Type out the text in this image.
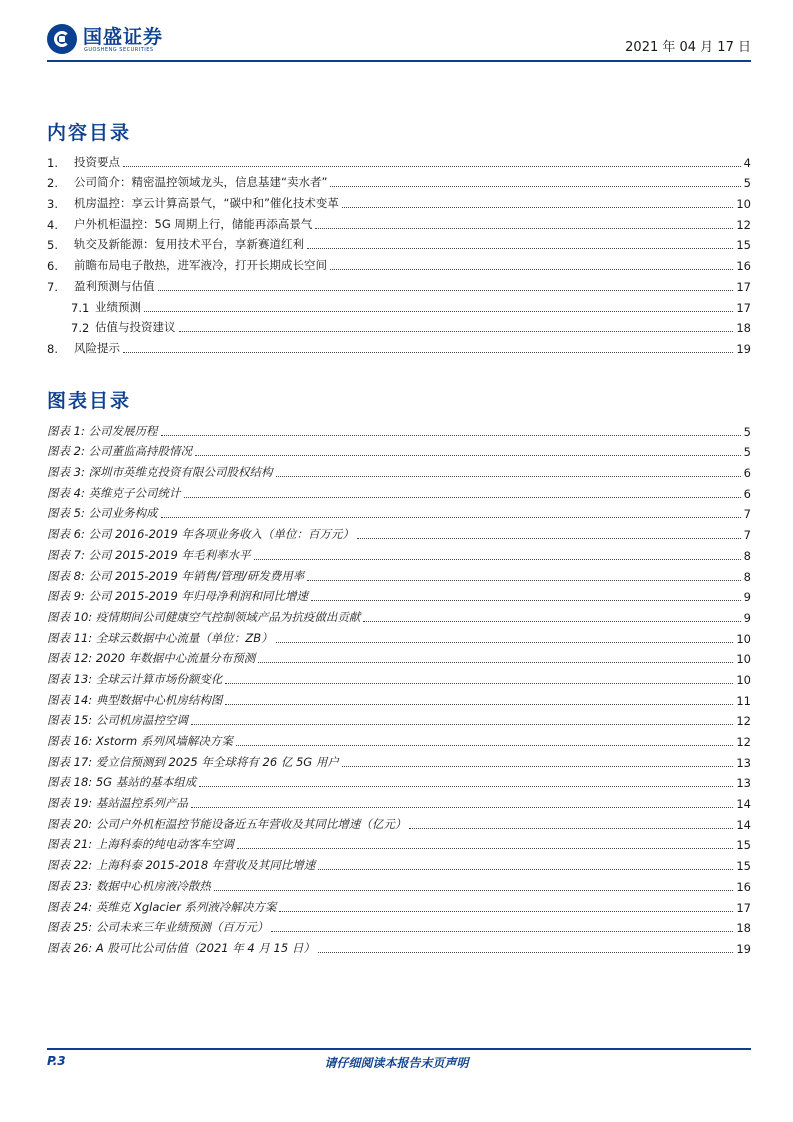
国盛证券
GUOSHENG SECURITIES	2021 年 04 月 17 日
内容目录
1.	投资要点	4
2.	公司简介：精密温控领域龙头，信息基建“卖水者”	5
3.	机房温控：享云计算高景气，“碳中和”催化技术变革	10
4.	户外机柜温控：5G 周期上行，储能再添高景气	12
5.	轨交及新能源：复用技术平台，享新赛道红利	15
6.	前瞻布局电子散热，进军液冷，打开长期成长空间	16
7.	盈利预测与估值	17
7.1 业绩预测	17
7.2 估值与投资建议	18
8.	风险提示	19
图表目录
图表 1: 公司发展历程	5
图表 2: 公司董监高持股情况	5
图表 3: 深圳市英维克投资有限公司股权结构	6
图表 4: 英维克子公司统计	6
图表 5: 公司业务构成	7
图表 6: 公司 2016-2019 年各项业务收入（单位：百万元）	7
图表 7: 公司 2015-2019 年毛利率水平	8
图表 8: 公司 2015-2019 年销售/管理/研发费用率	8
图表 9: 公司 2015-2019 年归母净利润和同比增速	9
图表 10: 疫情期间公司健康空气控制领域产品为抗疫做出贡献	9
图表 11: 全球云数据中心流量（单位：ZB）	10
图表 12: 2020 年数据中心流量分布预测	10
图表 13: 全球云计算市场份额变化	10
图表 14: 典型数据中心机房结构图	11
图表 15: 公司机房温控空调	12
图表 16: Xstorm 系列风墙解决方案	12
图表 17: 爱立信预测到 2025 年全球将有 26 亿 5G 用户	13
图表 18: 5G 基站的基本组成	13
图表 19: 基站温控系列产品	14
图表 20: 公司户外机柜温控节能设备近五年营收及其同比增速（亿元）	14
图表 21: 上海科泰的纯电动客车空调	15
图表 22: 上海科泰 2015-2018 年营收及其同比增速	15
图表 23: 数据中心机房液冷散热	16
图表 24: 英维克 Xglacier 系列液冷解决方案	17
图表 25: 公司未来三年业绩预测（百万元）	18
图表 26: A 股可比公司估值（2021 年 4 月 15 日）	19
请仔细阅读本报告末页声明
P.3
